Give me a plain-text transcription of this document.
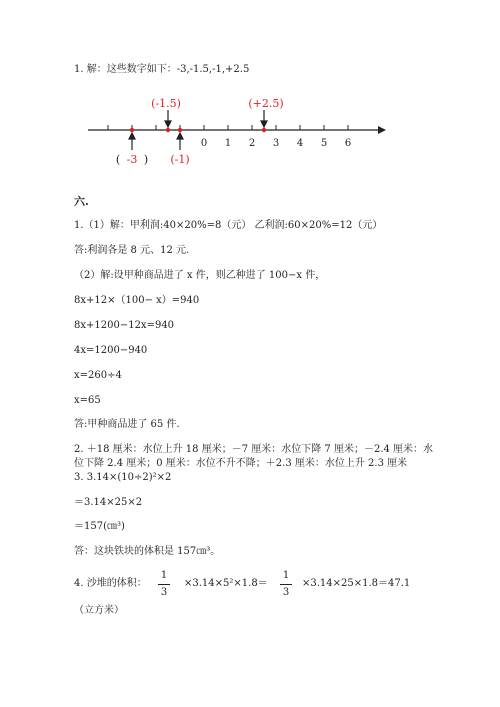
1. 解：这些数字如下：-3,-1.5,-1,+2.5
0 1 2 3 4 5 6
(-1.5)	(+2.5)
( -3 ) (-1)
六.
1.（1）解：甲利润:40×20%=8（元） 乙利润:60×20%=12（元）
答:利润各是 8 元、12 元.
（2）解:设甲种商品进了 x 件，则乙种进了 100−x 件，
8x+12×（100− x）=940
8x+1200−12x=940
4x=1200−940
x=260÷4
x=65
答:甲种商品进了 65 件.
2. ＋18 厘米：水位上升 18 厘米；－7 厘米：水位下降 7 厘米；－2.4 厘米：水
位下降 2.4 厘米；0 厘米：水位不升不降；＋2.3 厘米：水位上升 2.3 厘米
3. 3.14×(10÷2)²×2
＝3.14×25×2
＝157(㎝³)
答：这块铁块的体积是 157㎝³。
4. 沙堆的体积：
1
3
×3.14×5²×1.8＝
1
3
×3.14×25×1.8＝47.1
（立方米）
